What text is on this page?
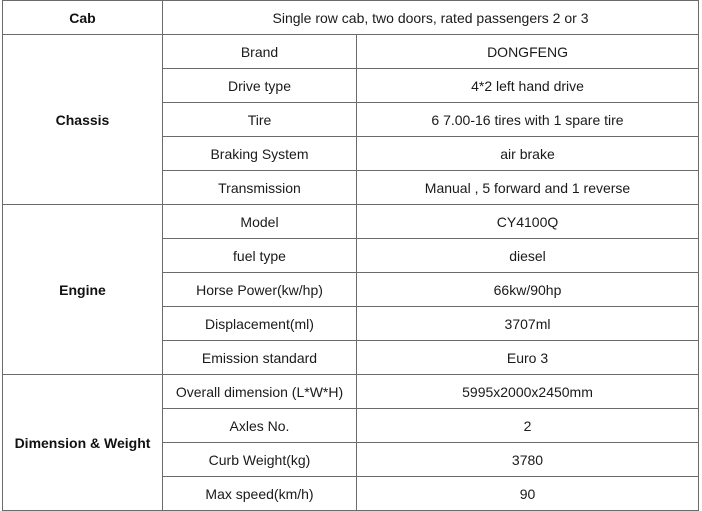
Cab	Single row cab, two doors, rated passengers 2 or 3	
Chassis	Brand	DONGFENG
	Drive type	4*2 left hand drive
	Tire	6 7.00-16 tires with 1 spare tire
	Braking System	air brake
	Transmission	Manual , 5 forward and 1 reverse
Engine	Model	CY4100Q
	fuel type	diesel
	Horse Power(kw/hp)	66kw/90hp
	Displacement(ml)	3707ml
	Emission standard	Euro 3
Dimension & Weight	Overall dimension (L*W*H)	5995x2000x2450mm
	Axles No.	2
	Curb Weight(kg)	3780
	Max speed(km/h)	90
